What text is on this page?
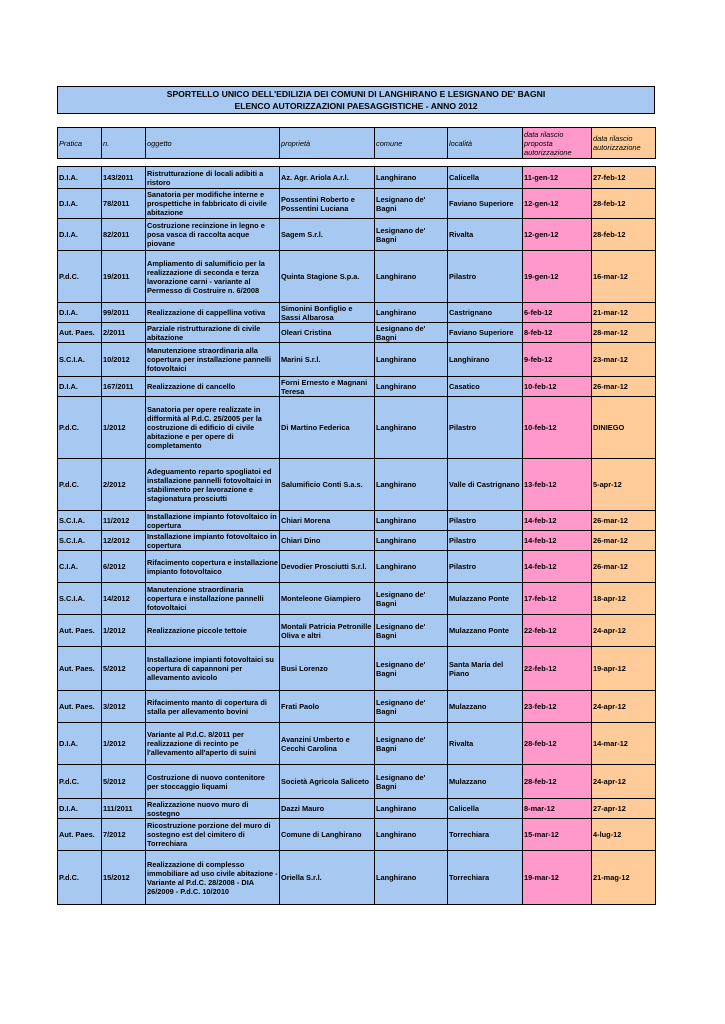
SPORTELLO UNICO DELL'EDILIZIA DEI COMUNI DI LANGHIRANO E LESIGNANO DE' BAGNI
ELENCO AUTORIZZAZIONI PAESAGGISTICHE - ANNO 2012
Pratica	n.	oggetto	proprietà	comune	località	data rilascio proposta autorizzazione	data rilascio autorizzazione
D.I.A.	143/2011	Ristrutturazione di locali adibiti a ristoro	Az. Agr. Ariola A.r.l.	Langhirano	Calicella	11-gen-12	27-feb-12
D.I.A.	78/2011	Sanatoria per modifiche interne e prospettiche in fabbricato di civile abitazione	Possentini Roberto e Possentini Luciana	Lesignano de' Bagni	Faviano Superiore	12-gen-12	28-feb-12
D.I.A.	82/2011	Costruzione recinzione in legno e posa vasca di raccolta acque piovane	Sagem S.r.l.	Lesignano de' Bagni	Rivalta	12-gen-12	28-feb-12
P.d.C.	19/2011	Ampliamento di salumificio per la realizzazione di seconda e terza lavorazione carni - variante al Permesso di Costruire n. 6/2008	Quinta Stagione S.p.a.	Langhirano	Pilastro	19-gen-12	16-mar-12
D.I.A.	99/2011	Realizzazione di cappellina votiva	Simonini Bonfiglio e Sassi Albarosa	Langhirano	Castrignano	6-feb-12	21-mar-12
Aut. Paes.	2/2011	Parziale ristrutturazione di civile abitazione	Oleari Cristina	Lesignano de' Bagni	Faviano Superiore	8-feb-12	28-mar-12
S.C.I.A.	10/2012	Manutenzione straordinaria alla copertura per installazione pannelli fotovoltaici	Marini S.r.l.	Langhirano	Langhirano	9-feb-12	23-mar-12
D.I.A.	167/2011	Realizzazione di cancello	Forni Ernesto e Magnani Teresa	Langhirano	Casatico	10-feb-12	26-mar-12
P.d.C.	1/2012	Sanatoria per opere realizzate in difformità al P.d.C. 25/2005 per la costruzione di edificio di civile abitazione e per opere di completamento	Di Martino Federica	Langhirano	Pilastro	10-feb-12	DINIEGO
P.d.C.	2/2012	Adeguamento reparto spogliatoi ed installazione pannelli fotovoltaici in stabilimento per lavorazione e stagionatura prosciutti	Salumificio Conti S.a.s.	Langhirano	Valle di Castrignano	13-feb-12	5-apr-12
S.C.I.A.	11/2012	Installazione impianto fotovoltaico in copertura	Chiari Morena	Langhirano	Pilastro	14-feb-12	26-mar-12
S.C.I.A.	12/2012	Installazione impianto fotovoltaico in copertura	Chiari Dino	Langhirano	Pilastro	14-feb-12	26-mar-12
C.I.A.	6/2012	Rifacimento copertura e installazione impianto fotovoltaico	Devodier Prosciutti S.r.l.	Langhirano	Pilastro	14-feb-12	26-mar-12
S.C.I.A.	14/2012	Manutenzione straordinaria copertura e installazione pannelli fotovoltaici	Monteleone Giampiero	Lesignano de' Bagni	Mulazzano Ponte	17-feb-12	18-apr-12
Aut. Paes.	1/2012	Realizzazione piccole tettoie	Montali Patricia Petronille Oliva e altri	Lesignano de' Bagni	Mulazzano Ponte	22-feb-12	24-apr-12
Aut. Paes.	5/2012	Installazione impianti fotovoltaici su copertura di capannoni per allevamento avicolo	Busi Lorenzo	Lesignano de' Bagni	Santa Maria del Piano	22-feb-12	19-apr-12
Aut. Paes.	3/2012	Rifacimento manto di copertura di stalla per allevamento bovini	Frati Paolo	Lesignano de' Bagni	Mulazzano	23-feb-12	24-apr-12
D.I.A.	1/2012	Variante al P.d.C. 8/2011 per realizzazione di recinto pe l'allevamento all'aperto di suini	Avanzini Umberto e Cecchi Carolina	Lesignano de' Bagni	Rivalta	28-feb-12	14-mar-12
P.d.C.	5/2012	Costruzione di nuovo contenitore per stoccaggio liquami	Società Agricola Saliceto	Lesignano de' Bagni	Mulazzano	28-feb-12	24-apr-12
D.I.A.	111/2011	Realizzazione nuovo muro di sostegno	Dazzi Mauro	Langhirano	Calicella	8-mar-12	27-apr-12
Aut. Paes.	7/2012	Ricostruzione porzione del muro di sostegno est del cimitero di Torrechiara	Comune di Langhirano	Langhirano	Torrechiara	15-mar-12	4-lug-12
P.d.C.	15/2012	Realizzazione di complesso immobiliare ad uso civile abitazione - Variante al P.d.C. 28/2008 - DIA 26/2009 - P.d.C. 10/2010	Oriella S.r.l.	Langhirano	Torrechiara	19-mar-12	21-mag-12
